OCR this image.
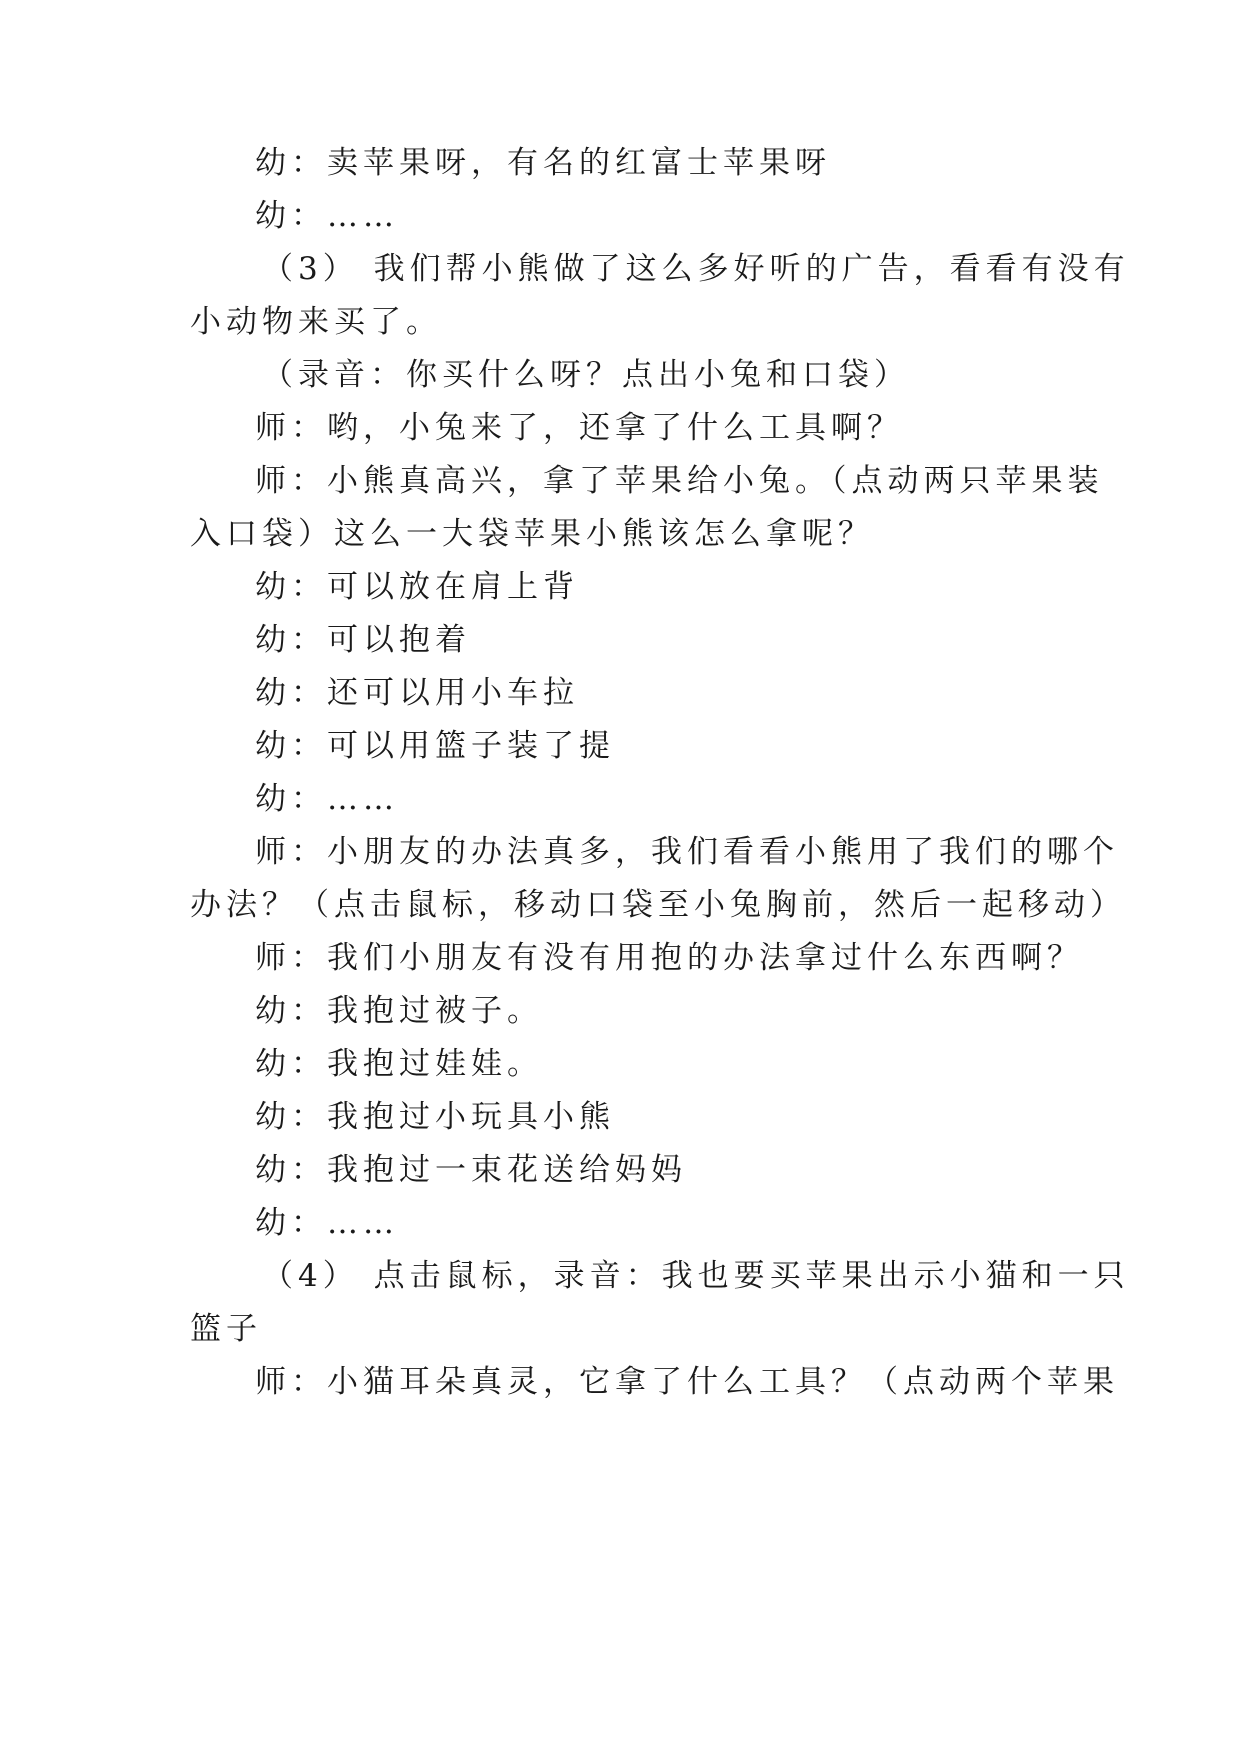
幼：卖苹果呀，有名的红富士苹果呀
幼：……
（3） 我们帮小熊做了这么多好听的广告，看看有没有
小动物来买了。
（录音：你买什么呀？点出小兔和口袋）
师：哟，小兔来了，还拿了什么工具啊？
师：小熊真高兴，拿了苹果给小兔。（点动两只苹果装
入口袋）这么一大袋苹果小熊该怎么拿呢？
幼：可以放在肩上背
幼：可以抱着
幼：还可以用小车拉
幼：可以用篮子装了提
幼：……
师：小朋友的办法真多，我们看看小熊用了我们的哪个
办法？（点击鼠标，移动口袋至小兔胸前，然后一起移动）
师：我们小朋友有没有用抱的办法拿过什么东西啊？
幼：我抱过被子。
幼：我抱过娃娃。
幼：我抱过小玩具小熊
幼：我抱过一束花送给妈妈
幼：……
（4） 点击鼠标，录音：我也要买苹果出示小猫和一只
篮子
师：小猫耳朵真灵，它拿了什么工具？（点动两个苹果
